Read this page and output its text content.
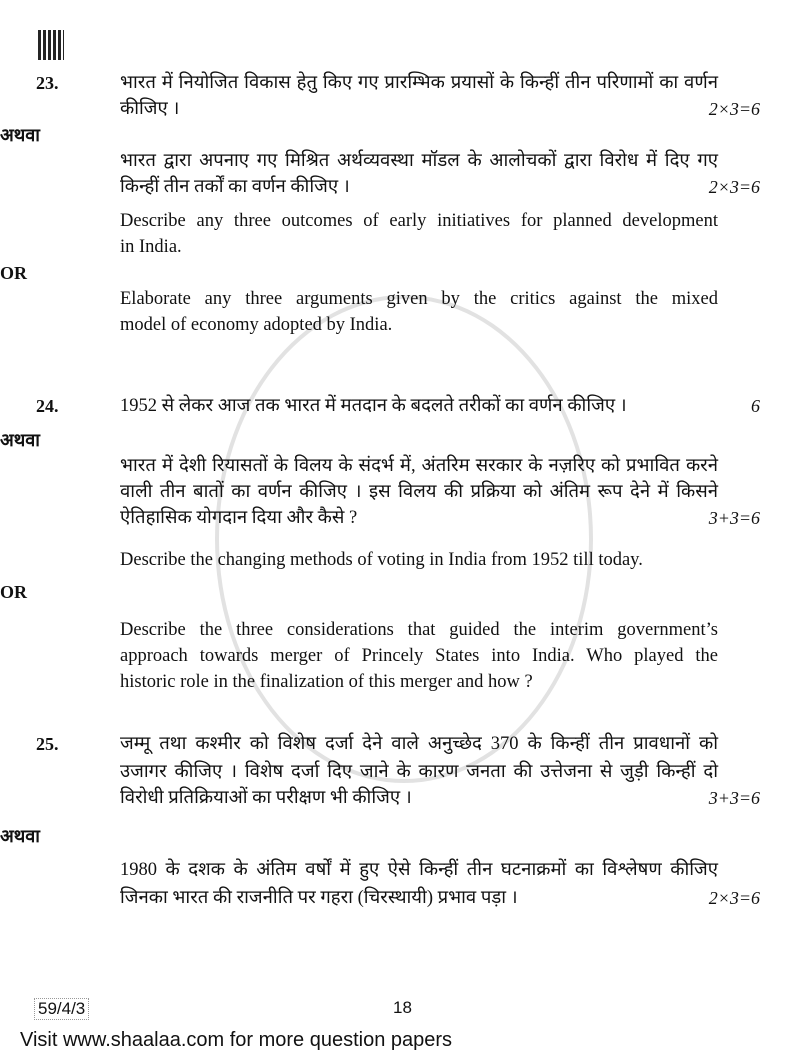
23.	भारत में नियोजित विकास हेतु किए गए प्रारम्भिक प्रयासों के किन्हीं तीन परिणामों का वर्णन
कीजिए ।	2×3=6
अथवा
भारत द्वारा अपनाए गए मिश्रित अर्थव्यवस्था मॉडल के आलोचकों द्वारा विरोध में दिए गए
किन्हीं तीन तर्कों का वर्णन कीजिए ।	2×3=6
Describe any three outcomes of early initiatives for planned development
in India.
OR
Elaborate any three arguments given by the critics against the mixed
model of economy adopted by India.
24.	1952 से लेकर आज तक भारत में मतदान के बदलते तरीकों का वर्णन कीजिए ।	6
अथवा
भारत में देशी रियासतों के विलय के संदर्भ में, अंतरिम सरकार के नज़रिए को प्रभावित करने
वाली तीन बातों का वर्णन कीजिए । इस विलय की प्रक्रिया को अंतिम रूप देने में किसने
ऐतिहासिक योगदान दिया और कैसे ?	3+3=6
Describe the changing methods of voting in India from 1952 till today.
OR
Describe the three considerations that guided the interim government’s
approach towards merger of Princely States into India. Who played the
historic role in the finalization of this merger and how ?
25.	जम्मू तथा कश्मीर को विशेष दर्जा देने वाले अनुच्छेद 370 के किन्हीं तीन प्रावधानों को
उजागर कीजिए । विशेष दर्जा दिए जाने के कारण जनता की उत्तेजना से जुड़ी किन्हीं दो
विरोधी प्रतिक्रियाओं का परीक्षण भी कीजिए ।	3+3=6
अथवा
1980 के दशक के अंतिम वर्षों में हुए ऐसे किन्हीं तीन घटनाक्रमों का विश्लेषण कीजिए
जिनका भारत की राजनीति पर गहरा (चिरस्थायी) प्रभाव पड़ा ।	2×3=6
59/4/3	18
Visit www.shaalaa.com for more question papers
